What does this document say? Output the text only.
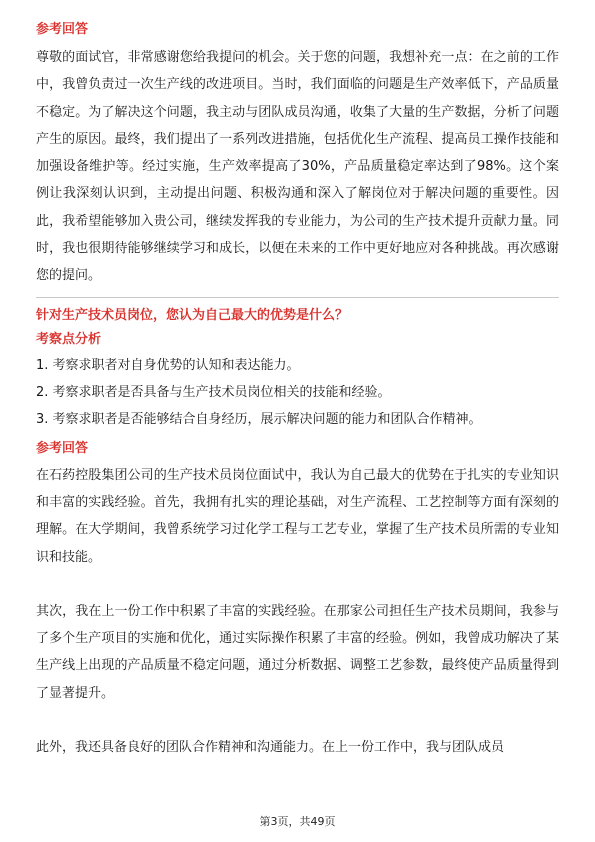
参考回答

尊敬的面试官，非常感谢您给我提问的机会。关于您的问题，我想补充一点：在之前的工作中，我曾负责过一次生产线的改进项目。当时，我们面临的问题是生产效率低下，产品质量不稳定。为了解决这个问题，我主动与团队成员沟通，收集了大量的生产数据，分析了问题产生的原因。最终，我们提出了一系列改进措施，包括优化生产流程、提高员工操作技能和加强设备维护等。经过实施，生产效率提高了30%，产品质量稳定率达到了98%。这个案例让我深刻认识到，主动提出问题、积极沟通和深入了解岗位对于解决问题的重要性。因此，我希望能够加入贵公司，继续发挥我的专业能力，为公司的生产技术提升贡献力量。同时，我也很期待能够继续学习和成长，以便在未来的工作中更好地应对各种挑战。再次感谢您的提问。

针对生产技术员岗位，您认为自己最大的优势是什么？

考察点分析

1. 考察求职者对自身优势的认知和表达能力。

2. 考察求职者是否具备与生产技术员岗位相关的技能和经验。

3. 考察求职者是否能够结合自身经历，展示解决问题的能力和团队合作精神。

参考回答

在石药控股集团公司的生产技术员岗位面试中，我认为自己最大的优势在于扎实的专业知识和丰富的实践经验。首先，我拥有扎实的理论基础，对生产流程、工艺控制等方面有深刻的理解。在大学期间，我曾系统学习过化学工程与工艺专业，掌握了生产技术员所需的专业知识和技能。

其次，我在上一份工作中积累了丰富的实践经验。在那家公司担任生产技术员期间，我参与了多个生产项目的实施和优化，通过实际操作积累了丰富的经验。例如，我曾成功解决了某生产线上出现的产品质量不稳定问题，通过分析数据、调整工艺参数，最终使产品质量得到了显著提升。

此外，我还具备良好的团队合作精神和沟通能力。在上一份工作中，我与团队成员

第3页，共49页
